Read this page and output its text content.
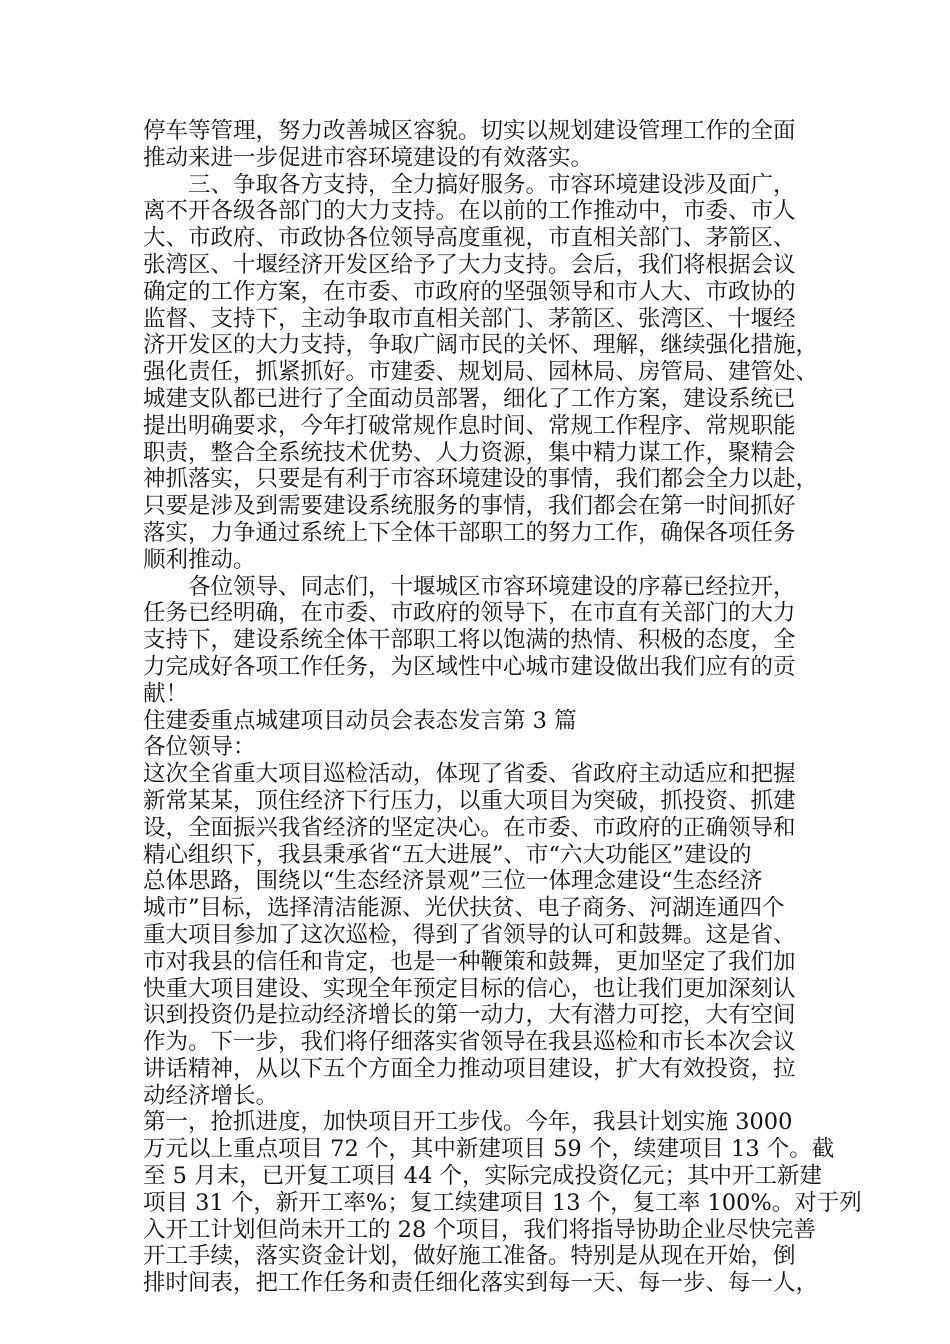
停车等管理，努力改善城区容貌。切实以规划建设管理工作的全面
推动来进一步促进市容环境建设的有效落实。
　　三、争取各方支持，全力搞好服务。市容环境建设涉及面广，
离不开各级各部门的大力支持。在以前的工作推动中，市委、市人
大、市政府、市政协各位领导高度重视，市直相关部门、茅箭区、
张湾区、十堰经济开发区给予了大力支持。会后，我们将根据会议
确定的工作方案，在市委、市政府的坚强领导和市人大、市政协的
监督、支持下，主动争取市直相关部门、茅箭区、张湾区、十堰经
济开发区的大力支持，争取广阔市民的关怀、理解，继续强化措施，
强化责任，抓紧抓好。市建委、规划局、园林局、房管局、建管处、
城建支队都已进行了全面动员部署，细化了工作方案，建设系统已
提出明确要求，今年打破常规作息时间、常规工作程序、常规职能
职责，整合全系统技术优势、人力资源，集中精力谋工作，聚精会
神抓落实，只要是有利于市容环境建设的事情，我们都会全力以赴，
只要是涉及到需要建设系统服务的事情，我们都会在第一时间抓好
落实，力争通过系统上下全体干部职工的努力工作，确保各项任务
顺利推动。
　　各位领导、同志们，十堰城区市容环境建设的序幕已经拉开，
任务已经明确，在市委、市政府的领导下，在市直有关部门的大力
支持下，建设系统全体干部职工将以饱满的热情、积极的态度，全
力完成好各项工作任务，为区域性中心城市建设做出我们应有的贡
献！
住建委重点城建项目动员会表态发言第 3 篇
各位领导：
这次全省重大项目巡检活动，体现了省委、省政府主动适应和把握
新常某某，顶住经济下行压力，以重大项目为突破，抓投资、抓建
设，全面振兴我省经济的坚定决心。在市委、市政府的正确领导和
精心组织下，我县秉承省“五大进展”、市“六大功能区”建设的
总体思路，围绕以“生态经济景观”三位一体理念建设“生态经济
城市”目标，选择清洁能源、光伏扶贫、电子商务、河湖连通四个
重大项目参加了这次巡检，得到了省领导的认可和鼓舞。这是省、
市对我县的信任和肯定，也是一种鞭策和鼓舞，更加坚定了我们加
快重大项目建设、实现全年预定目标的信心，也让我们更加深刻认
识到投资仍是拉动经济增长的第一动力，大有潜力可挖，大有空间
作为。下一步，我们将仔细落实省领导在我县巡检和市长本次会议
讲话精神，从以下五个方面全力推动项目建设，扩大有效投资，拉
动经济增长。
第一，抢抓进度，加快项目开工步伐。今年，我县计划实施 3000
万元以上重点项目 72 个，其中新建项目 59 个，续建项目 13 个。截
至 5 月末，已开复工项目 44 个，实际完成投资亿元；其中开工新建
项目 31 个，新开工率%；复工续建项目 13 个，复工率 100%。对于列
入开工计划但尚未开工的 28 个项目，我们将指导协助企业尽快完善
开工手续，落实资金计划，做好施工准备。特别是从现在开始，倒
排时间表，把工作任务和责任细化落实到每一天、每一步、每一人，
